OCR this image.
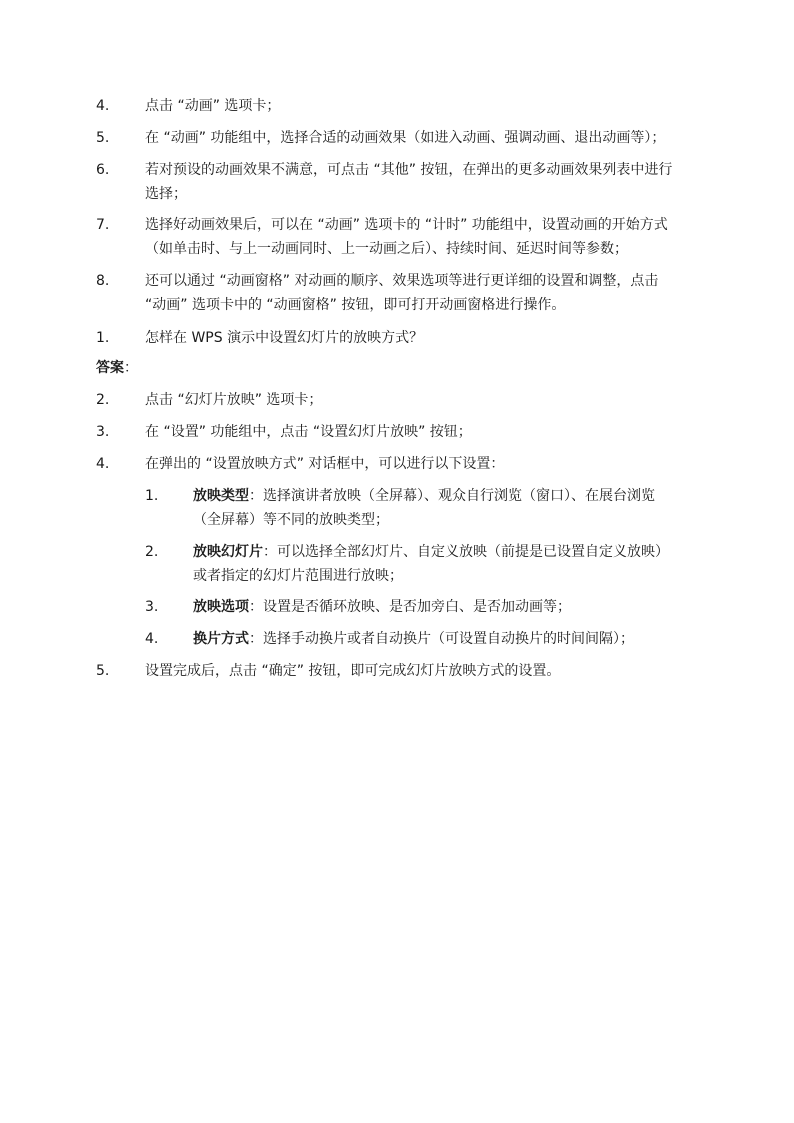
4.	点击 “动画” 选项卡；
5.	在 “动画” 功能组中，选择合适的动画效果（如进入动画、强调动画、退出动画等）；
6.	若对预设的动画效果不满意，可点击 “其他” 按钮，在弹出的更多动画效果列表中进行
选择；
7.	选择好动画效果后，可以在 “动画” 选项卡的 “计时” 功能组中，设置动画的开始方式
（如单击时、与上一动画同时、上一动画之后）、持续时间、延迟时间等参数；
8.	还可以通过 “动画窗格” 对动画的顺序、效果选项等进行更详细的设置和调整，点击
“动画” 选项卡中的 “动画窗格” 按钮，即可打开动画窗格进行操作。
1.	怎样在 WPS 演示中设置幻灯片的放映方式？
答案：
2.	点击 “幻灯片放映” 选项卡；
3.	在 “设置” 功能组中，点击 “设置幻灯片放映” 按钮；
4.	在弹出的 “设置放映方式” 对话框中，可以进行以下设置：
1. 放映类型：选择演讲者放映（全屏幕）、观众自行浏览（窗口）、在展台浏览
（全屏幕）等不同的放映类型；
2. 放映幻灯片：可以选择全部幻灯片、自定义放映（前提是已设置自定义放映）
或者指定的幻灯片范围进行放映；
3. 放映选项：设置是否循环放映、是否加旁白、是否加动画等；
4. 换片方式：选择手动换片或者自动换片（可设置自动换片的时间间隔）；
5.	设置完成后，点击 “确定” 按钮，即可完成幻灯片放映方式的设置。
